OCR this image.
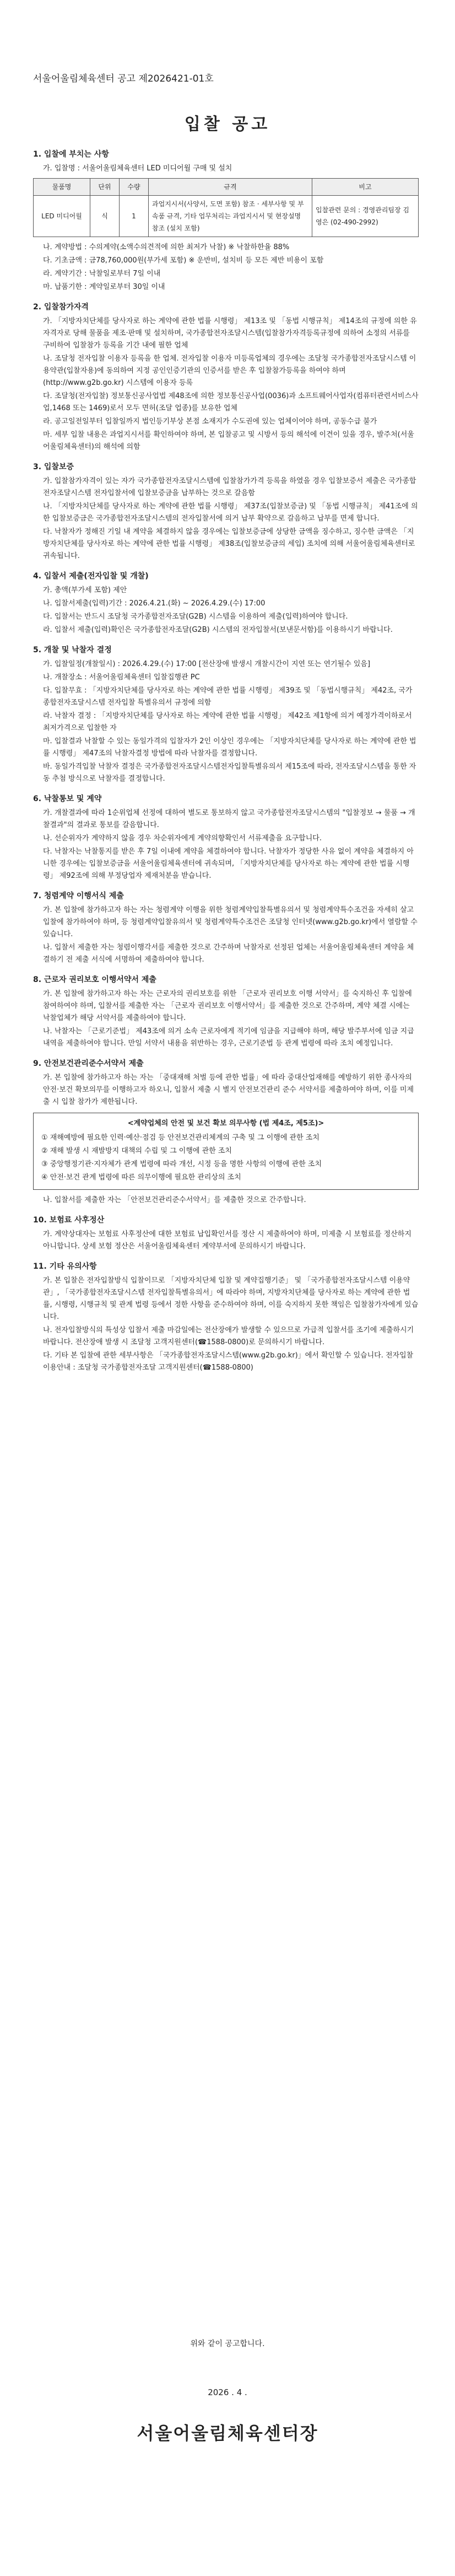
서울어울림체육센터 공고 제2026421-01호
입찰 공고
1. 입찰에 부치는 사항

가. 입찰명 : 서울어울림체육센터 LED 미디어월 구매 및 설치

물품명	단위	수량	규격	비고
LED 미디어월	식	1	과업지시서(사양서, 도면 포함) 참조 · 세부사항 및 부속품 규격, 기타 업무처리는 과업지시서 및 현장설명 참조 (설치 포함)	입찰관련 문의 : 경영관리팀장 김영은 (02-490-2992)

나. 계약방법 : 수의계약(소액수의견적에 의한 최저가 낙찰) ※ 낙찰하한율 88%

다. 기초금액 : 금78,760,000원(부가세 포함) ※ 운반비, 설치비 등 모든 제반 비용이 포함

라. 계약기간 : 낙찰일로부터 7일 이내

마. 납품기한 : 계약일로부터 30일 이내

2. 입찰참가자격

가. 「지방자치단체를 당사자로 하는 계약에 관한 법률 시행령」 제13조 및 「동법 시행규칙」 제14조의 규정에 의한 유자격자로 당해 물품을 제조·판매 및 설치하며, 국가종합전자조달시스템(입찰참가자격등록규정에 의하여 소정의 서류를 구비하여 입찰참가 등록을 기간 내에 필한 업체

나. 조달청 전자입찰 이용자 등록을 한 업체. 전자입찰 이용자 미등록업체의 경우에는 조달청 국가종합전자조달시스템 이용약관(입찰자용)에 동의하여 지정 공인인증기관의 인증서를 받은 후 입찰참가등록을 하여야 하며 (http://www.g2b.go.kr) 시스템에 이용자 등록

다. 조달청(전자입찰) 정보통신공사업법 제48조에 의한 정보통신공사업(0036)과 소프트웨어사업자(컴퓨터관련서비스사업,1468 또는 1469)로서 모두 면허(조달 업종)를 보유한 업체

라. 공고일전일부터 입찰일까지 법인등기부상 본점 소재지가 수도권에 있는 업체이어야 하며, 공동수급 불가

마. 세부 입찰 내용은 과업지시서를 확인하여야 하며, 본 입찰공고 및 시방서 등의 해석에 이견이 있을 경우, 발주처(서울어울림체육센터)의 해석에 의함

3. 입찰보증

가. 입찰참가자격이 있는 자가 국가종합전자조달시스템에 입찰참가가격 등록을 하였을 경우 입찰보증서 제출은 국가종합전자조달시스템 전자입찰서에 입찰보증금을 납부하는 것으로 갈음함

나. 「지방자치단체를 당사자로 하는 계약에 관한 법률 시행령」 제37조(입찰보증금) 및 「동법 시행규칙」 제41조에 의한 입찰보증금은 국가종합전자조달시스템의 전자입찰서에 의거 납부 확약으로 갈음하고 납부를 면제 합니다.

다. 낙찰자가 정해진 기일 내 계약을 체결하지 않을 경우에는 입찰보증금에 상당한 금액을 징수하고, 징수한 금액은 「지방자치단체를 당사자로 하는 계약에 관한 법률 시행령」 제38조(입찰보증금의 세입) 조치에 의해 서울어울림체육센터로 귀속됩니다.

4. 입찰서 제출(전자입찰 및 개찰)

가. 총액(부가세 포함) 제안

나. 입찰서제출(입력)기간 : 2026.4.21.(화) ~ 2026.4.29.(수) 17:00

다. 입찰서는 반드시 조달청 국가종합전자조달(G2B) 시스템을 이용하여 제출(입력)하여야 합니다.

라. 입찰서 제출(입력)확인은 국가종합전자조달(G2B) 시스템의 전자입찰서(보낸문서함)를 이용하시기 바랍니다.

5. 개찰 및 낙찰자 결정

가. 입찰일정(개찰일시) : 2026.4.29.(수) 17:00 [전산장애 발생시 개찰시간이 지연 또는 연기될수 있음]

나. 개찰장소 : 서울어울림체육센터 입찰집행관 PC

다. 입찰무효 : 「지방자치단체를 당사자로 하는 계약에 관한 법률 시행령」 제39조 및 「동법시행규칙」 제42조, 국가종합전자조달시스템 전자입찰 특별유의서 규정에 의함

라. 낙찰자 결정 : 「지방자치단체를 당사자로 하는 계약에 관한 법률 시행령」 제42조 제1항에 의거 예정가격이하로서 최저가격으로 입찰한 자

마. 입찰결과 낙찰할 수 있는 동일가격의 입찰자가 2인 이상인 경우에는 「지방자치단체를 당사자로 하는 계약에 관한 법률 시행령」 제47조의 낙찰자결정 방법에 따라 낙찰자를 결정합니다.

바. 동일가격입찰 낙찰자 결정은 국가종합전자조달시스템전자입찰특별유의서 제15조에 따라, 전자조달시스템을 통한 자동 추첨 방식으로 낙찰자를 결정합니다.

6. 낙찰통보 및 계약

가. 개찰결과에 따라 1순위업체 선정에 대하여 별도로 통보하지 않고 국가종합전자조달시스템의 "입찰정보 → 물품 → 개찰결과"의 결과로 통보를 갈음합니다.

나. 선순위자가 계약하지 않을 경우 차순위자에게 계약의향확인서 서류제출을 요구합니다.

다. 낙찰자는 낙찰통지를 받은 후 7일 이내에 계약을 체결하여야 합니다. 낙찰자가 정당한 사유 없이 계약을 체결하지 아니한 경우에는 입찰보증금을 서울어울림체육센터에 귀속되며, 「지방자치단체를 당사자로 하는 계약에 관한 법률 시행령」 제92조에 의해 부정당업자 제재처분을 받습니다.

7. 청렴계약 이행서식 제출

가. 본 입찰에 참가하고자 하는 자는 청렴계약 이행을 위한 청렴계약입찰특별유의서 및 청렴계약특수조건을 자세히 살고 입찰에 참가하여야 하며, 등 청렴계약입찰유의서 및 청렴계약특수조건은 조달청 인터넷(www.g2b.go.kr)에서 열람할 수 있습니다.

나. 입찰서 제출한 자는 청렴이행각서를 제출한 것으로 간주하며 낙찰자로 선정된 업체는 서울어울림체육센터 계약을 체결하기 전 제출 서식에 서명하여 제출하여야 합니다.

8. 근로자 권리보호 이행서약서 제출

가. 본 입찰에 참가하고자 하는 자는 근로자의 권리보호를 위한 「근로자 권리보호 이행 서약서」를 숙지하신 후 입찰에 참여하여야 하며, 입찰서를 제출한 자는 「근로자 권리보호 이행서약서」를 제출한 것으로 간주하며, 계약 체결 시에는 낙찰업체가 해당 서약서를 제출하여야 합니다.

나. 낙찰자는 「근로기준법」 제43조에 의거 소속 근로자에게 적기에 임금을 지급해야 하며, 해당 발주부서에 임금 지급내역을 제출하여야 합니다. 만일 서약서 내용을 위반하는 경우, 근로기준법 등 관계 법령에 따라 조치 예정입니다.

9. 안전보건관리준수서약서 제출

가. 본 입찰에 참가하고자 하는 자는 「중대재해 처벌 등에 관한 법률」에 따라 중대산업재해를 예방하기 위한 종사자의 안전·보건 확보의무를 이행하고자 하오니, 입찰서 제출 시 별지 안전보건관리 준수 서약서를 제출하여야 하며, 이를 미제출 시 입찰 참가가 제한됩니다.

<계약업체의 안전 및 보건 확보 의무사항 (법 제4조, 제5조)>

① 재해예방에 필요한 인력·예산·점검 등 안전보건관리체계의 구축 및 그 이행에 관한 조치

② 재해 발생 시 재발방지 대책의 수립 및 그 이행에 관한 조치

③ 중앙행정기관·지자체가 관계 법령에 따라 개선, 시정 등을 명한 사항의 이행에 관한 조치

④ 안전·보건 관계 법령에 따른 의무이행에 필요한 관리상의 조치

나. 입찰서를 제출한 자는 「안전보건관리준수서약서」를 제출한 것으로 간주합니다.

10. 보험료 사후정산

가. 계약상대자는 보험료 사후정산에 대한 보험료 납입확인서를 정산 시 제출하여야 하며, 미제출 시 보험료를 정산하지 아니합니다. 상세 보험 정산은 서울어울림체육센터 계약부서에 문의하시기 바랍니다.

11. 기타 유의사항

가. 본 입찰은 전자입찰방식 입찰이므로 「지방자치단체 입찰 및 계약집행기준」 및 「국가종합전자조달시스템 이용약관」, 「국가종합전자조달시스템 전자입찰특별유의서」에 따라야 하며, 지방자치단체를 당사자로 하는 계약에 관한 법률, 시행령, 시행규칙 및 관계 법령 등에서 정한 사항을 준수하여야 하며, 이를 숙지하지 못한 책임은 입찰참가자에게 있습니다.

나. 전자입찰방식의 특성상 입찰서 제출 마감일에는 전산장애가 발생할 수 있으므로 가급적 입찰서를 조기에 제출하시기 바랍니다. 전산장애 발생 시 조달청 고객지원센터(☎1588-0800)로 문의하시기 바랍니다.

다. 기타 본 입찰에 관한 세부사항은 「국가종합전자조달시스템(www.g2b.go.kr)」에서 확인할 수 있습니다. 전자입찰 이용안내 : 조달청 국가종합전자조달 고객지원센터(☎1588-0800)

위와 같이 공고합니다.
2026 . 4 .
서울어울림체육센터장
